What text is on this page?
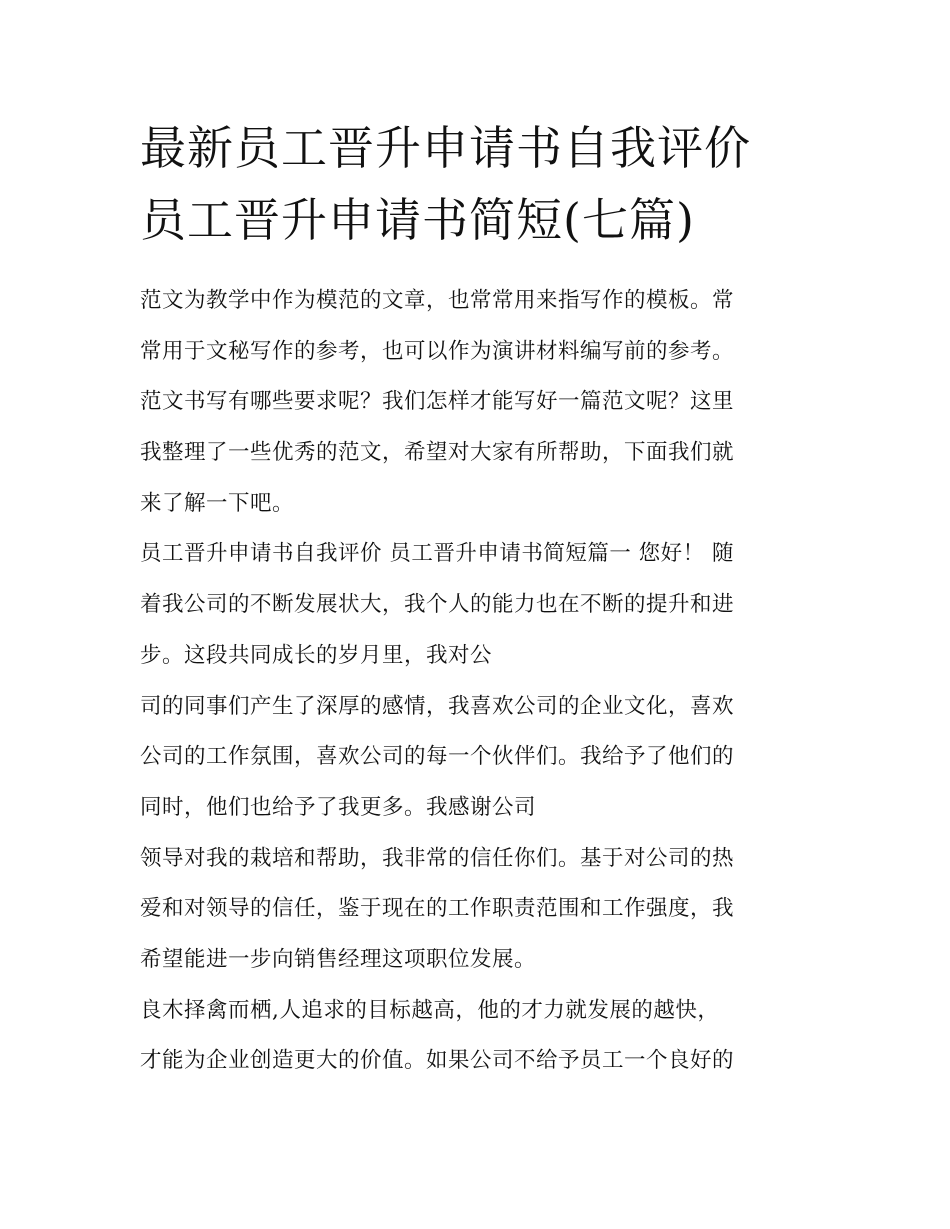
最新员工晋升申请书自我评价
员工晋升申请书简短(七篇)
范文为教学中作为模范的文章，也常常用来指写作的模板。常
常用于文秘写作的参考，也可以作为演讲材料编写前的参考。
范文书写有哪些要求呢？我们怎样才能写好一篇范文呢？这里
我整理了一些优秀的范文，希望对大家有所帮助，下面我们就
来了解一下吧。
员工晋升申请书自我评价 员工晋升申请书简短篇一 您好！ 随
着我公司的不断发展状大，我个人的能力也在不断的提升和进
步。这段共同成长的岁月里，我对公
司的同事们产生了深厚的感情，我喜欢公司的企业文化，喜欢
公司的工作氛围，喜欢公司的每一个伙伴们。我给予了他们的
同时，他们也给予了我更多。我感谢公司
领导对我的栽培和帮助，我非常的信任你们。基于对公司的热
爱和对领导的信任，鉴于现在的工作职责范围和工作强度，我
希望能进一步向销售经理这项职位发展。
良木择禽而栖,人追求的目标越高，他的才力就发展的越快，
才能为企业创造更大的价值。如果公司不给予员工一个良好的
